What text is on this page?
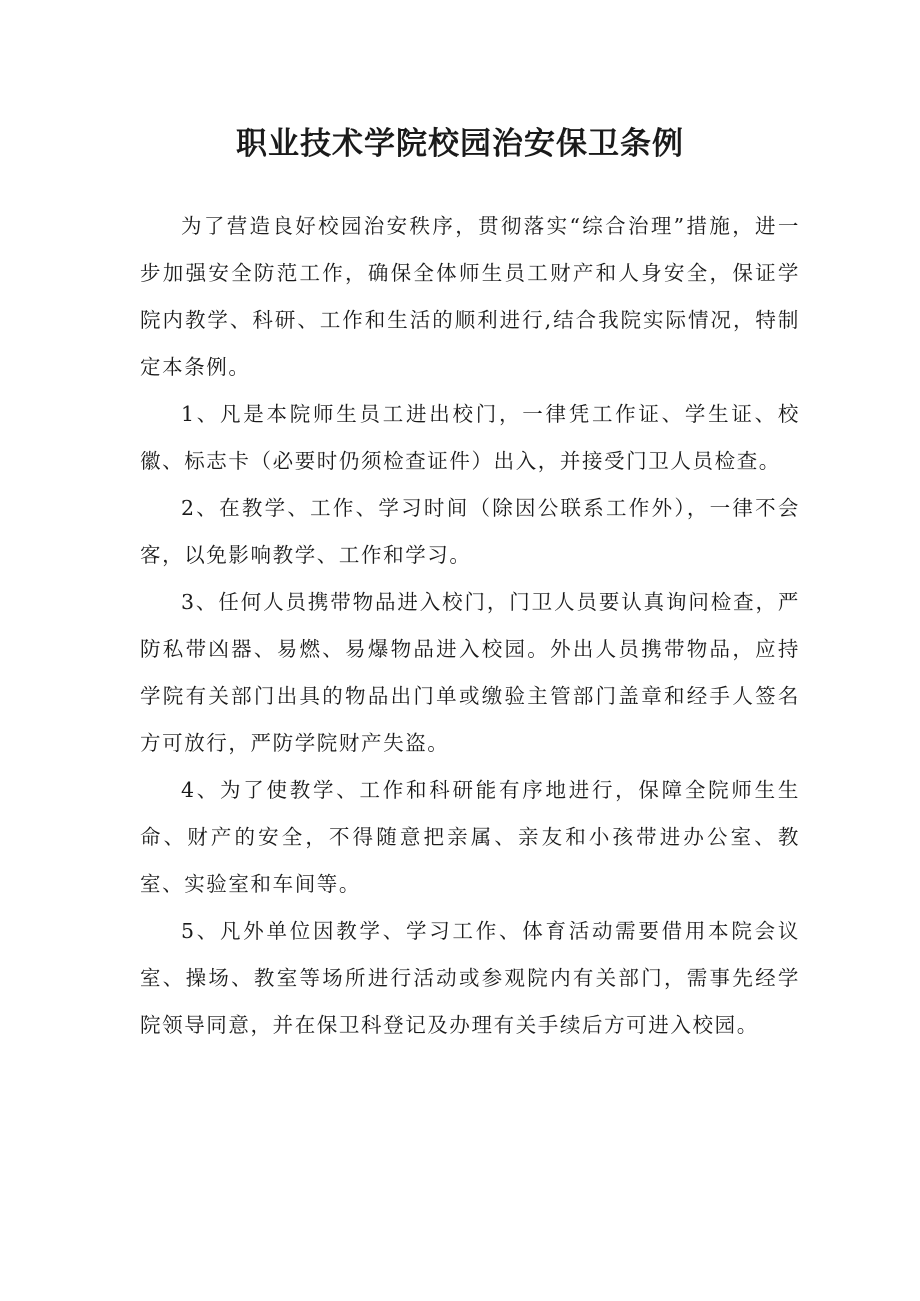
职业技术学院校园治安保卫条例

为了营造良好校园治安秩序，贯彻落实“综合治理”措施，进一步加强安全防范工作，确保全体师生员工财产和人身安全，保证学院内教学、科研、工作和生活的顺利进行,结合我院实际情况，特制定本条例。

1、凡是本院师生员工进出校门，一律凭工作证、学生证、校徽、标志卡（必要时仍须检查证件）出入，并接受门卫人员检查。

2、在教学、工作、学习时间（除因公联系工作外），一律不会客，以免影响教学、工作和学习。

3、任何人员携带物品进入校门，门卫人员要认真询问检查，严防私带凶器、易燃、易爆物品进入校园。外出人员携带物品，应持学院有关部门出具的物品出门单或缴验主管部门盖章和经手人签名方可放行，严防学院财产失盗。

4、为了使教学、工作和科研能有序地进行，保障全院师生生命、财产的安全，不得随意把亲属、亲友和小孩带进办公室、教室、实验室和车间等。

5、凡外单位因教学、学习工作、体育活动需要借用本院会议室、操场、教室等场所进行活动或参观院内有关部门，需事先经学院领导同意，并在保卫科登记及办理有关手续后方可进入校园。
